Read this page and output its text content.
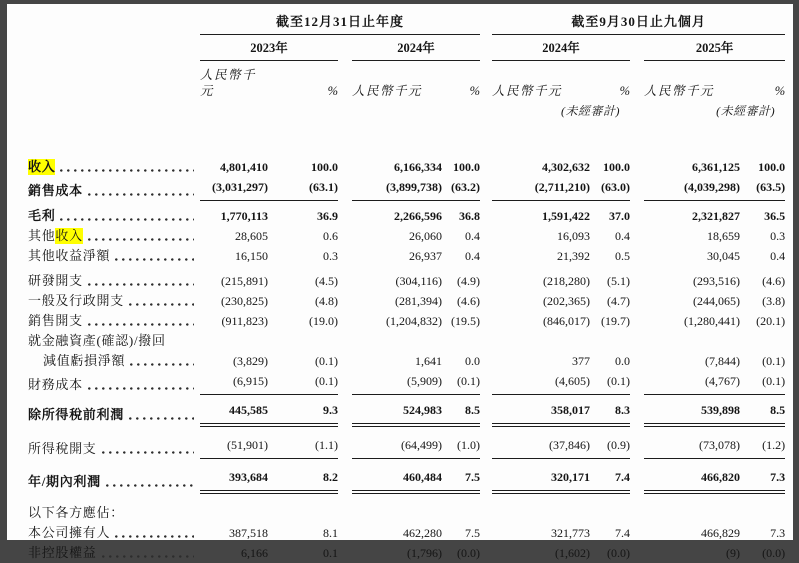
	截至12月31日止年度						截至9月30日止九個月				
	2023年			2024年			2024年			2025年	
	人民幣千元	%		人民幣千元	%		人民幣千元	%		人民幣千元	%
							(未經審計)			(未經審計)	

收入	4,801,410	100.0		6,166,334	100.0		4,302,632	100.0		6,361,125	100.0

銷售成本	(3,031,297)	(63.1)		(3,899,738)	(63.2)		(2,711,210)	(63.0)		(4,039,298)	(63.5)

毛利	1,770,113	36.9		2,266,596	36.8		1,591,422	37.0		2,321,827	36.5

其他 收入	28,605	0.6		26,060	0.4		16,093	0.4		18,659	0.3

其他收益淨額	16,150	0.3		26,937	0.4		21,392	0.5		30,045	0.4

研發開支	(215,891)	(4.5)		(304,116)	(4.9)		(218,280)	(5.1)		(293,516)	(4.6)

一般及行政開支	(230,825)	(4.8)		(281,394)	(4.6)		(202,365)	(4.7)		(244,065)	(3.8)

銷售開支	(911,823)	(19.0)		(1,204,832)	(19.5)		(846,017)	(19.7)		(1,280,441)	(20.1)

就金融資產(確認)/撥回											

減值虧損淨額	(3,829)	(0.1)		1,641	0.0		377	0.0		(7,844)	(0.1)

財務成本	(6,915)	(0.1)		(5,909)	(0.1)		(4,605)	(0.1)		(4,767)	(0.1)

除所得稅前利潤	445,585	9.3		524,983	8.5		358,017	8.3		539,898	8.5

所得稅開支	(51,901)	(1.1)		(64,499)	(1.0)		(37,846)	(0.9)		(73,078)	(1.2)

年/期內利潤	393,684	8.2		460,484	7.5		320,171	7.4		466,820	7.3

以下各方應佔：											

本公司擁有人	387,518	8.1		462,280	7.5		321,773	7.4		466,829	7.3

非控股權益	6,166	0.1		(1,796)	(0.0)		(1,602)	(0.0)		(9)	(0.0)
